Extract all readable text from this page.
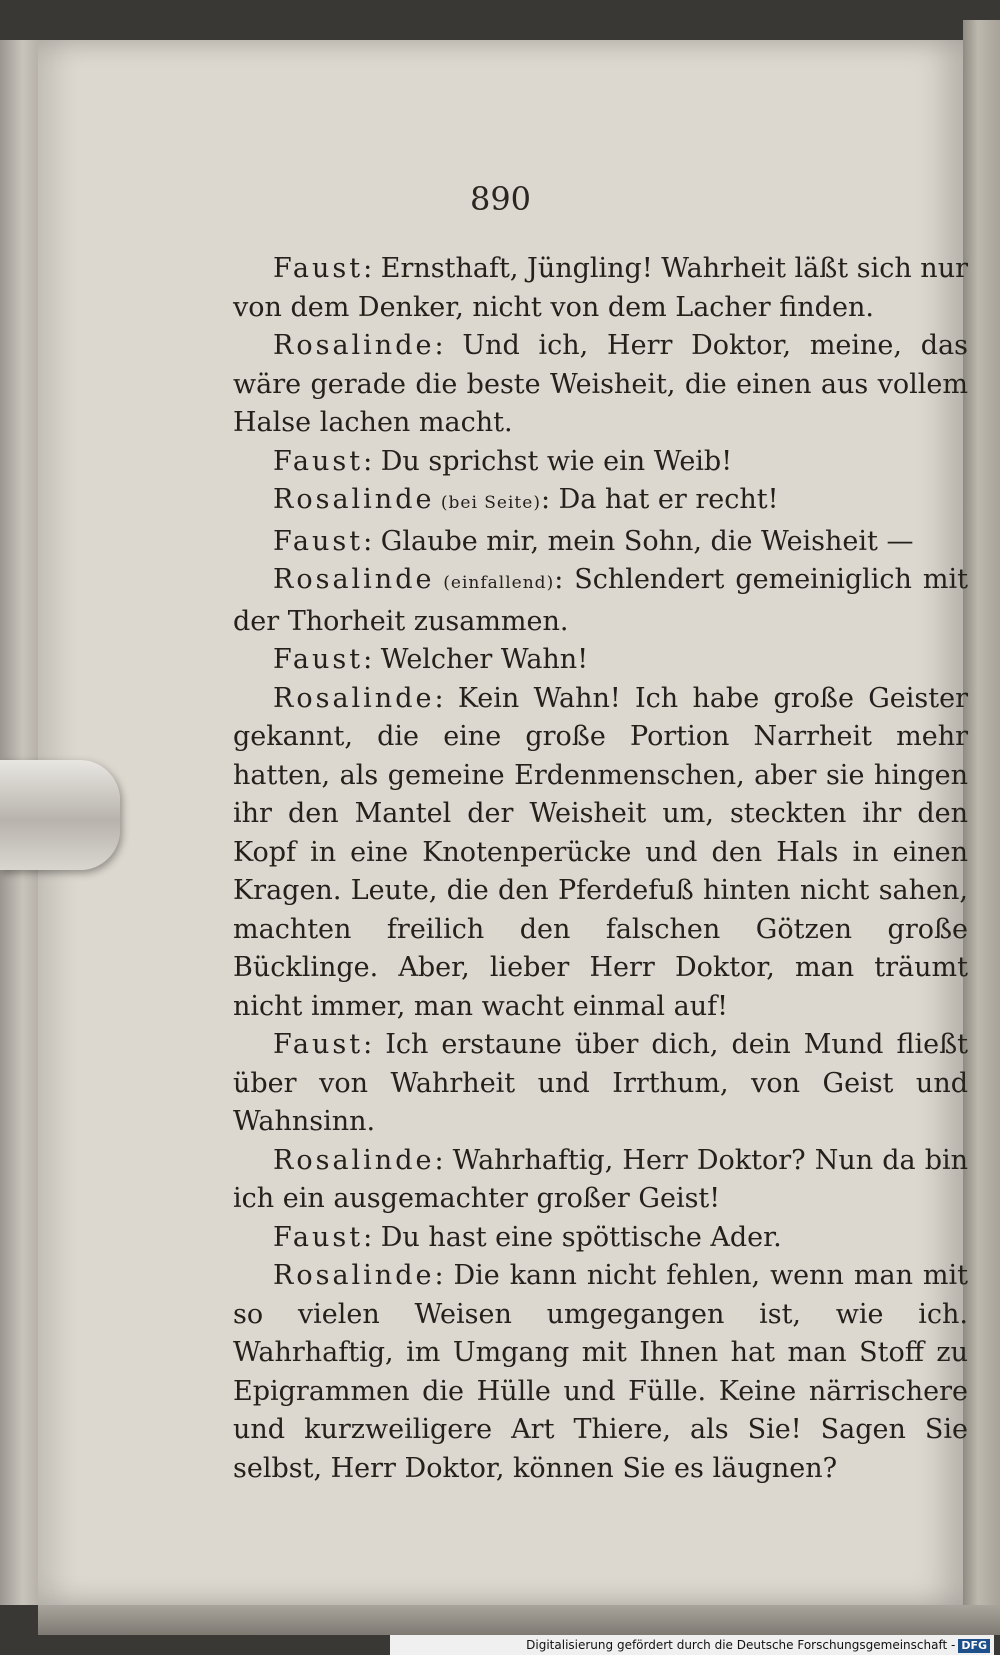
890

Faust: Ernsthaft, Jüngling! Wahrheit läßt sich nur von dem Denker, nicht von dem Lacher finden.

Rosalinde: Und ich, Herr Doktor, meine, das wäre gerade die beste Weisheit, die einen aus vollem Halse lachen macht.

Faust: Du sprichst wie ein Weib!

Rosalinde (bei Seite): Da hat er recht!

Faust: Glaube mir, mein Sohn, die Weisheit —

Rosalinde (einfallend): Schlendert gemeiniglich mit der Thorheit zusammen.

Faust: Welcher Wahn!

Rosalinde: Kein Wahn! Ich habe große Geister gekannt, die eine große Portion Narrheit mehr hatten, als gemeine Erdenmenschen, aber sie hingen ihr den Mantel der Weisheit um, steckten ihr den Kopf in eine Knotenperücke und den Hals in einen Kragen. Leute, die den Pferdefuß hinten nicht sahen, machten freilich den falschen Götzen große Bücklinge. Aber, lieber Herr Doktor, man träumt nicht immer, man wacht einmal auf!

Faust: Ich erstaune über dich, dein Mund fließt über von Wahrheit und Irrthum, von Geist und Wahnsinn.

Rosalinde: Wahrhaftig, Herr Doktor? Nun da bin ich ein ausgemachter großer Geist!

Faust: Du hast eine spöttische Ader.

Rosalinde: Die kann nicht fehlen, wenn man mit so vielen Weisen umgegangen ist, wie ich. Wahrhaftig, im Umgang mit Ihnen hat man Stoff zu Epigrammen die Hülle und Fülle. Keine närrischere und kurzweiligere Art Thiere, als Sie! Sagen Sie selbst, Herr Doktor, können Sie es läugnen?

Digitalisierung gefördert durch die Deutsche Forschungsgemeinschaft - DFG
